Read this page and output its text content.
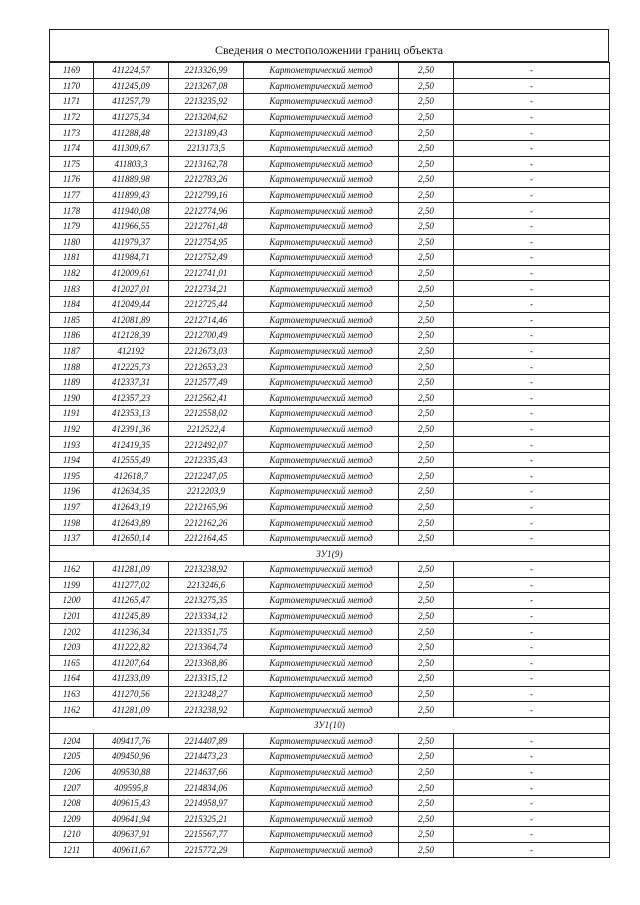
Сведения о местоположении границ объекта
1169	411224,57	2213326,99	Картометрический метод	2,50	-
1170	411245,09	2213267,08	Картометрический метод	2,50	-
1171	411257,79	2213235,92	Картометрический метод	2,50	-
1172	411275,34	2213204,62	Картометрический метод	2,50	-
1173	411288,48	2213189,43	Картометрический метод	2,50	-
1174	411309,67	2213173,5	Картометрический метод	2,50	-
1175	411803,3	2213162,78	Картометрический метод	2,50	-
1176	411889,98	2212783,26	Картометрический метод	2,50	-
1177	411899,43	2212799,16	Картометрический метод	2,50	-
1178	411940,08	2212774,96	Картометрический метод	2,50	-
1179	411966,55	2212761,48	Картометрический метод	2,50	-
1180	411979,37	2212754,95	Картометрический метод	2,50	-
1181	411984,71	2212752,49	Картометрический метод	2,50	-
1182	412009,61	2212741,01	Картометрический метод	2,50	-
1183	412027,01	2212734,21	Картометрический метод	2,50	-
1184	412049,44	2212725,44	Картометрический метод	2,50	-
1185	412081,89	2212714,46	Картометрический метод	2,50	-
1186	412128,39	2212700,49	Картометрический метод	2,50	-
1187	412192	2212673,03	Картометрический метод	2,50	-
1188	412225,73	2212653,23	Картометрический метод	2,50	-
1189	412337,31	2212577,49	Картометрический метод	2,50	-
1190	412357,23	2212562,41	Картометрический метод	2,50	-
1191	412353,13	2212558,02	Картометрический метод	2,50	-
1192	412391,36	2212522,4	Картометрический метод	2,50	-
1193	412419,35	2212492,07	Картометрический метод	2,50	-
1194	412555,49	2212335,43	Картометрический метод	2,50	-
1195	412618,7	2212247,05	Картометрический метод	2,50	-
1196	412634,35	2212203,9	Картометрический метод	2,50	-
1197	412643,19	2212165,96	Картометрический метод	2,50	-
1198	412643,89	2212162,26	Картометрический метод	2,50	-
1137	412650,14	2212164,45	Картометрический метод	2,50	-
ЗУ1(9)					
1162	411281,09	2213238,92	Картометрический метод	2,50	-
1199	411277,02	2213246,6	Картометрический метод	2,50	-
1200	411265,47	2213275,35	Картометрический метод	2,50	-
1201	411245,89	2213334,12	Картометрический метод	2,50	-
1202	411236,34	2213351,75	Картометрический метод	2,50	-
1203	411222,82	2213364,74	Картометрический метод	2,50	-
1165	411207,64	2213368,86	Картометрический метод	2,50	-
1164	411233,09	2213315,12	Картометрический метод	2,50	-
1163	411270,56	2213248,27	Картометрический метод	2,50	-
1162	411281,09	2213238,92	Картометрический метод	2,50	-
ЗУ1(10)					
1204	409417,76	2214407,89	Картометрический метод	2,50	-
1205	409450,96	2214473,23	Картометрический метод	2,50	-
1206	409530,88	2214637,66	Картометрический метод	2,50	-
1207	409595,8	2214834,06	Картометрический метод	2,50	-
1208	409615,43	2214958,97	Картометрический метод	2,50	-
1209	409641,94	2215325,21	Картометрический метод	2,50	-
1210	409637,91	2215567,77	Картометрический метод	2,50	-
1211	409611,67	2215772,29	Картометрический метод	2,50	-
